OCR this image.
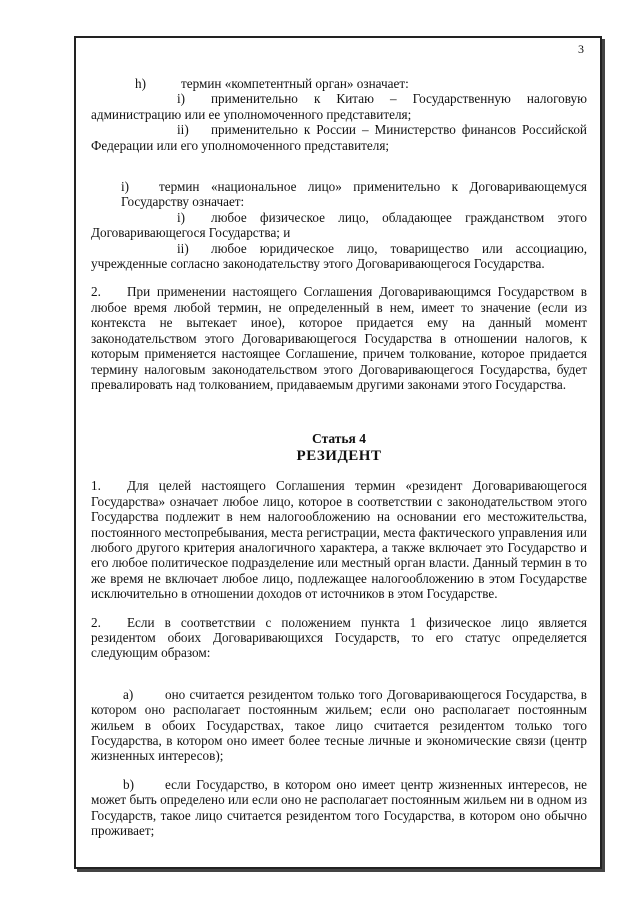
3

h)	термин «компетентный орган» означает:

i) применительно к Китаю – Государственную налоговую администрацию или ее уполномоченного представителя;

ii) применительно к России – Министерство финансов Российской Федерации или его уполномоченного представителя;

i) термин «национальное лицо» применительно к Договаривающемуся Государству означает:

i) любое физическое лицо, обладающее гражданством этого Договаривающегося Государства; и

ii) любое юридическое лицо, товарищество или ассоциацию, учрежденные согласно законодательству этого Договаривающегося Государства.

2. При применении настоящего Соглашения Договаривающимся Государством в любое время любой термин, не определенный в нем, имеет то значение (если из контекста не вытекает иное), которое придается ему на данный момент законодательством этого Договаривающегося Государства в отношении налогов, к которым применяется настоящее Соглашение, причем толкование, которое придается термину налоговым законодательством этого Договаривающегося Государства, будет превалировать над толкованием, придаваемым другими законами этого Государства.

Статья 4
РЕЗИДЕНТ

1. Для целей настоящего Соглашения термин «резидент Договаривающегося Государства» означает любое лицо, которое в соответствии с законодательством этого Государства подлежит в нем налогообложению на основании его местожительства, постоянного местопребывания, места регистрации, места фактического управления или любого другого критерия аналогичного характера, а также включает это Государство и его любое политическое подразделение или местный орган власти. Данный термин в то же время не включает любое лицо, подлежащее налогообложению в этом Государстве исключительно в отношении доходов от источников в этом Государстве.

2. Если в соответствии с положением пункта 1 физическое лицо является резидентом обоих Договаривающихся Государств, то его статус определяется следующим образом:

a) оно считается резидентом только того Договаривающегося Государства, в котором оно располагает постоянным жильем; если оно располагает постоянным жильем в обоих Государствах, такое лицо считается резидентом только того Государства, в котором оно имеет более тесные личные и экономические связи (центр жизненных интересов);

b) если Государство, в котором оно имеет центр жизненных интересов, не может быть определено или если оно не располагает постоянным жильем ни в одном из Государств, такое лицо считается резидентом того Государства, в котором оно обычно проживает;
